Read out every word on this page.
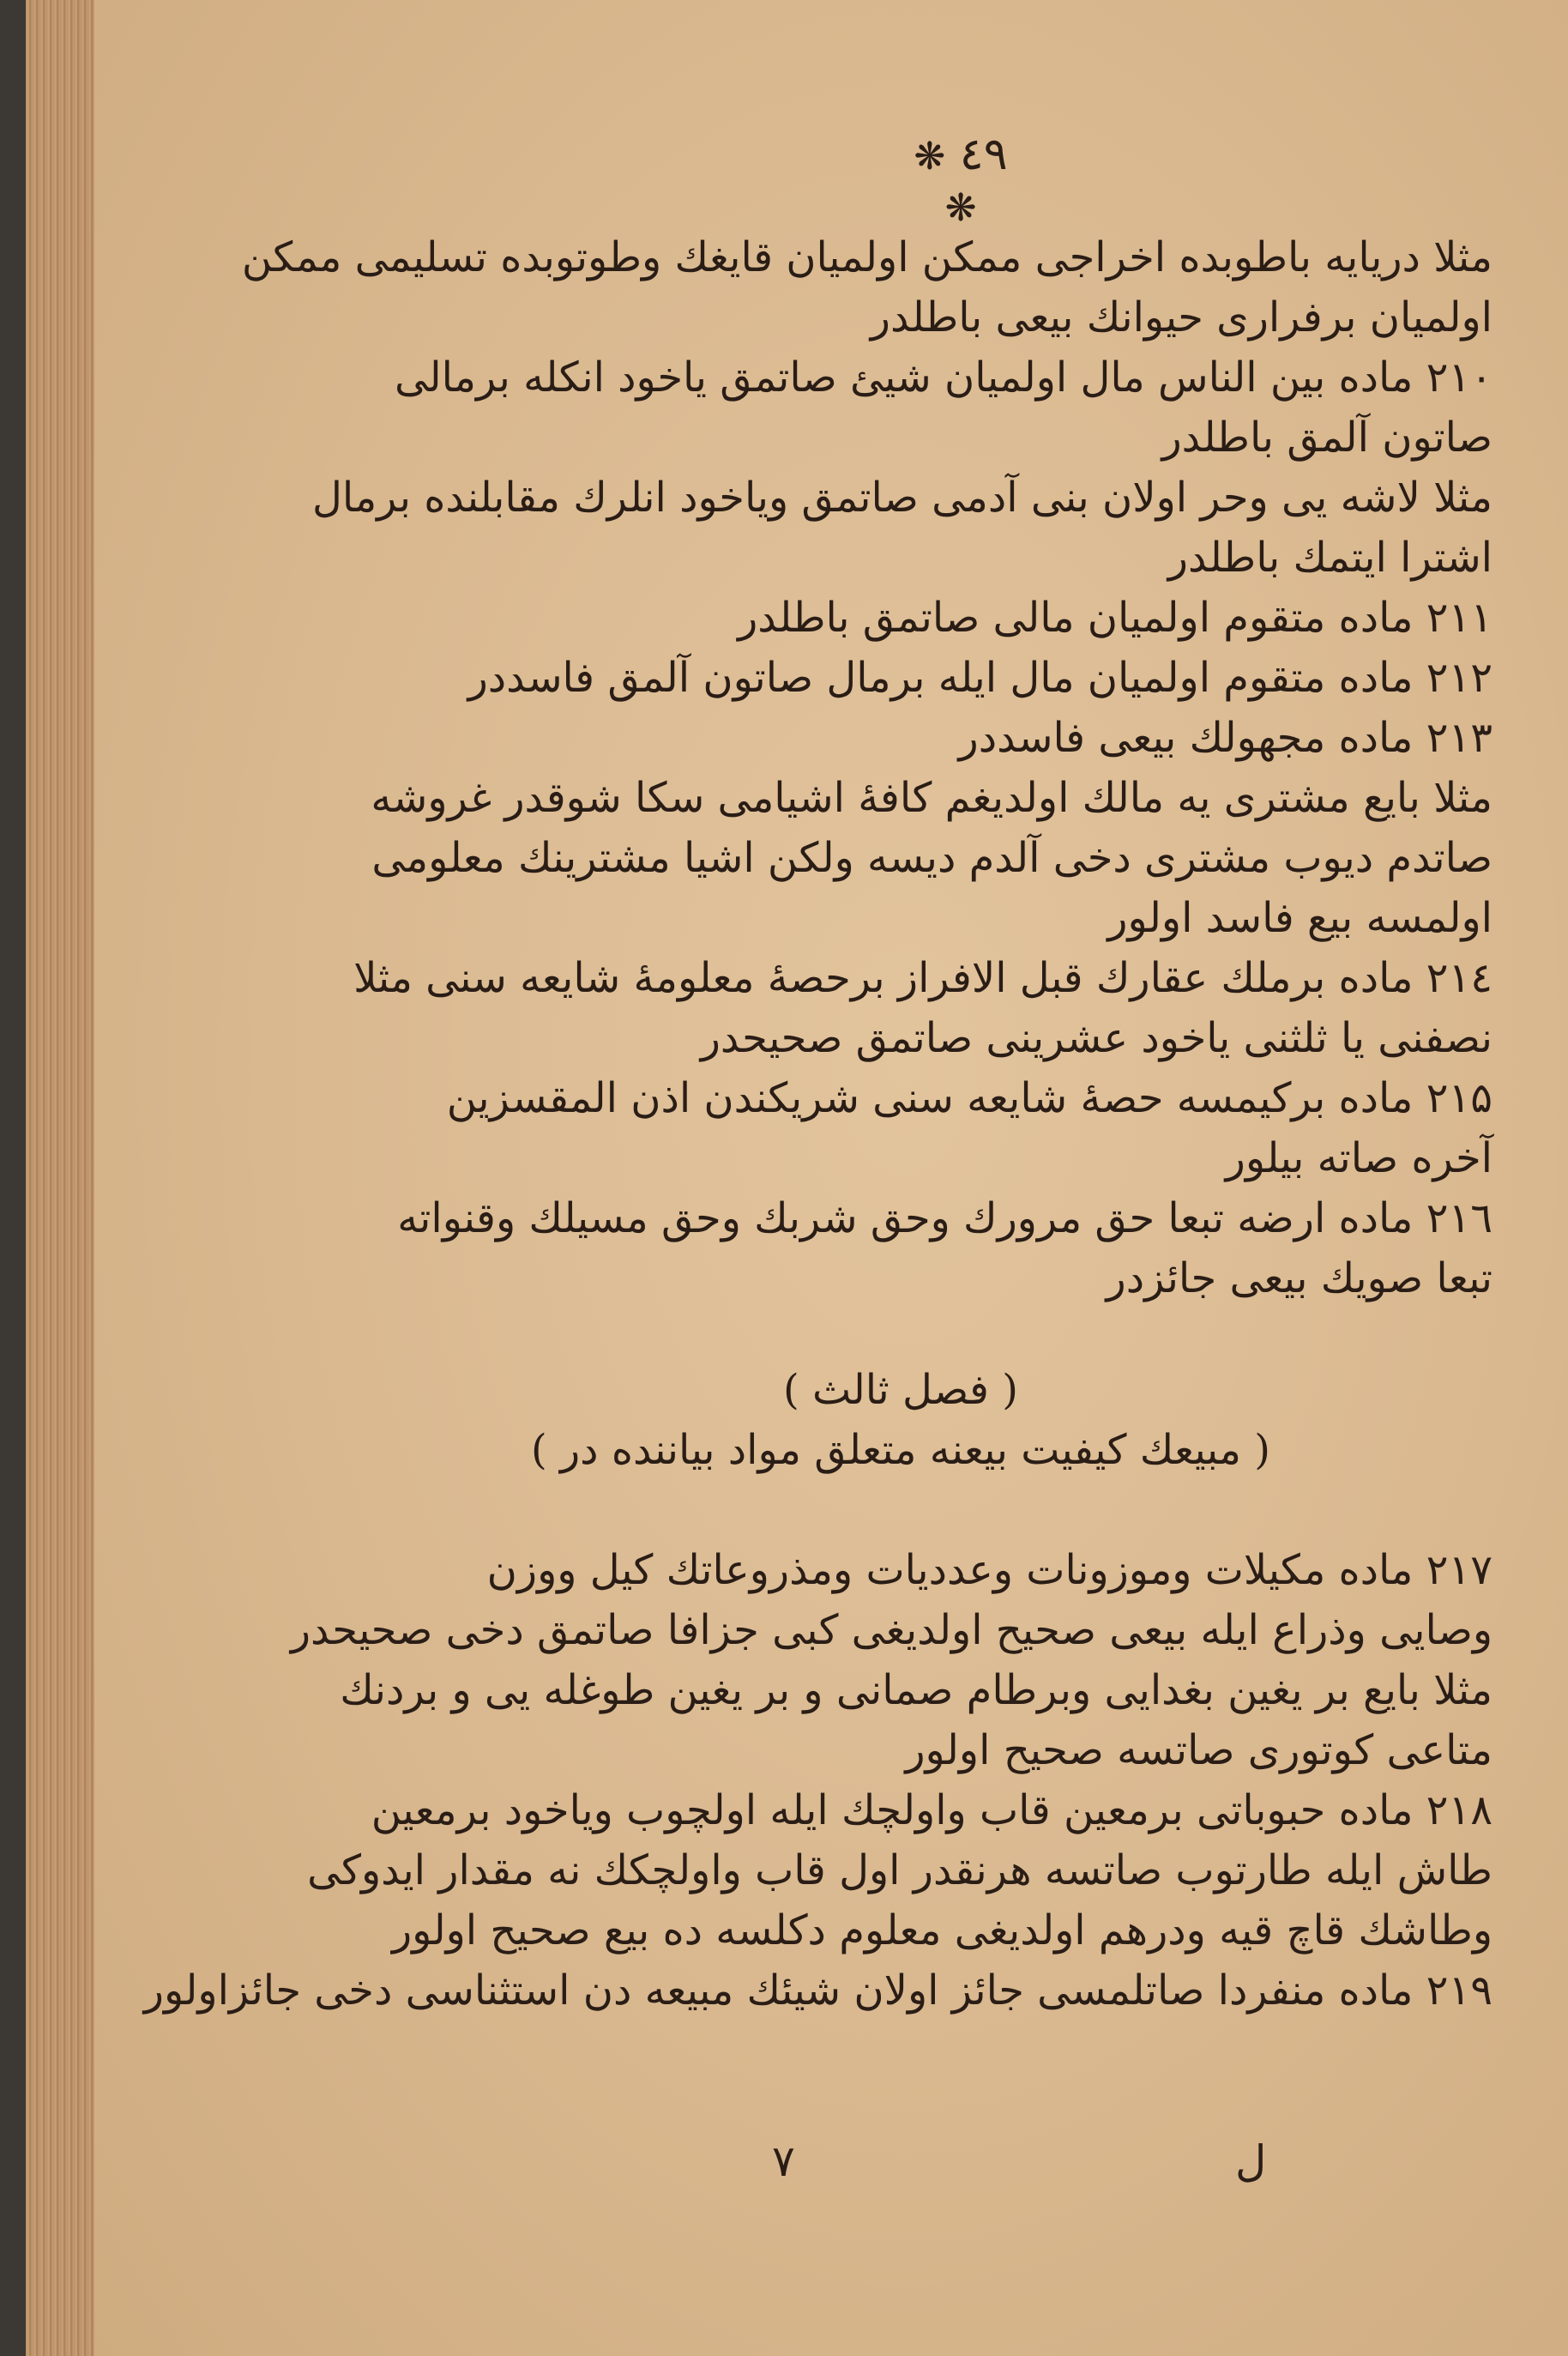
❋ ٤٩ ❋
مثلا دریایه باطوبده اخراجی ممکن اولمیان قایغك وطوتوبده تسلیمی ممکن
اولمیان برفراری حیوانك بیعی باطلدر
۲۱۰ ماده بین الناس مال اولمیان شیئ صاتمق یاخود انکله برمالی
صاتون آلمق باطلدر
مثلا لاشه یی وحر اولان بنی آدمی صاتمق ویاخود انلرك مقابلنده برمال
اشترا ایتمك باطلدر
۲۱۱ ماده متقوم اولمیان مالی صاتمق باطلدر
۲۱۲ ماده متقوم اولمیان مال ایله برمال صاتون آلمق فاسددر
۲۱۳ ماده مجهولك بیعی فاسددر
مثلا بایع مشتری یه مالك اولدیغم کافهٔ اشیامی سکا شوقدر غروشه
صاتدم دیوب مشتری دخی آلدم دیسه ولکن اشیا مشترینك معلومی
اولمسه بیع فاسد اولور
۲۱٤ ماده برملك عقارك قبل الافراز برحصهٔ معلومهٔ شایعه سنی مثلا
نصفنی یا ثلثنی یاخود عشرینی صاتمق صحیحدر
۲۱۵ ماده برکیمسه حصهٔ شایعه سنی شریکندن اذن المقسزین
آخره صاته بیلور
۲۱٦ ماده ارضه تبعا حق مرورك وحق شربك وحق مسیلك وقنواته
تبعا صویك بیعی جائزدر
( فصل ثالث )
( مبیعك کیفیت بیعنه متعلق مواد بیاننده در )
۲۱۷ ماده مکیلات وموزونات وعددیات ومذروعاتك کیل ووزن
وصایی وذراع ایله بیعی صحیح اولدیغی کبی جزافا صاتمق دخی صحیحدر
مثلا بایع بر یغین بغدایی وبرطام صمانی و بر یغین طوغله یی و بردنك
متاعی کوتوری صاتسه صحیح اولور
۲۱۸ ماده حبوباتی برمعین قاب واولچك ایله اولچوب ویاخود برمعین
طاش ایله طارتوب صاتسه هرنقدر اول قاب واولچکك نه مقدار ایدوکی
وطاشك قاچ قیه ودرهم اولدیغی معلوم دکلسه ده بیع صحیح اولور
۲۱۹ ماده منفردا صاتلمسی جائز اولان شیئك مبیعه دن استثناسی دخی جائزاولور
٧	ل
